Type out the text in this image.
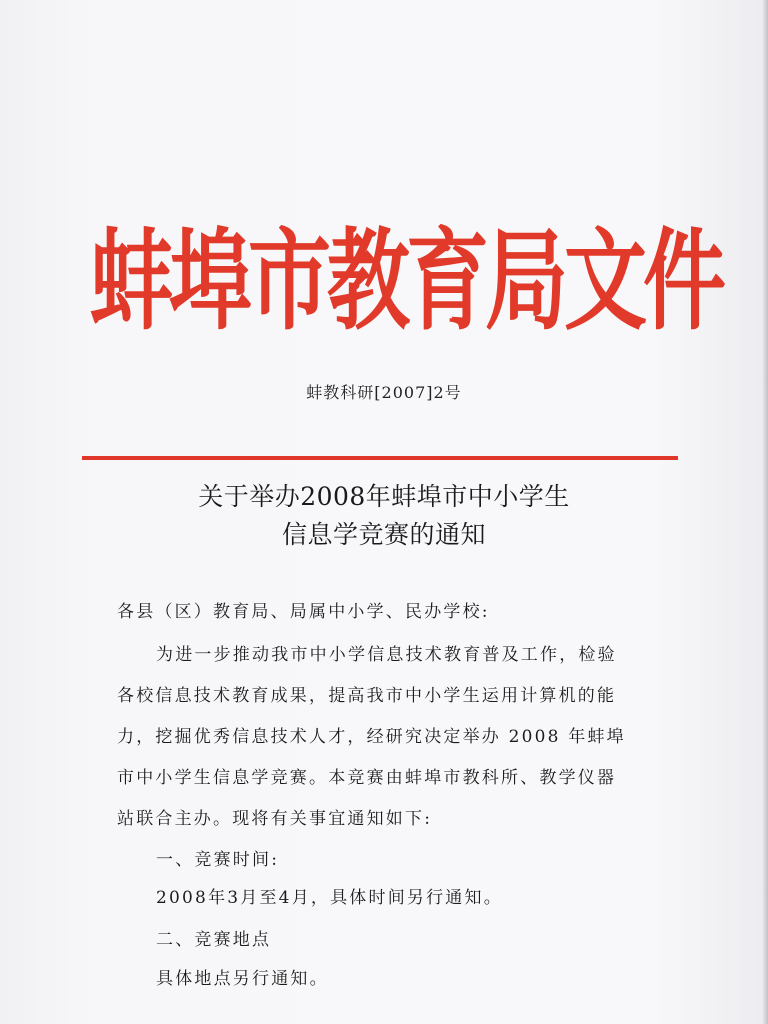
蚌埠市教育局文件
蚌教科研[2007]2号
关于举办2008年蚌埠市中小学生
信息学竞赛的通知
各县（区）教育局、局属中小学、民办学校:
为进一步推动我市中小学信息技术教育普及工作，检验
各校信息技术教育成果，提高我市中小学生运用计算机的能
力，挖掘优秀信息技术人才，经研究决定举办 2008 年蚌埠
市中小学生信息学竞赛。本竞赛由蚌埠市教科所、教学仪器
站联合主办。现将有关事宜通知如下:
一、竞赛时间:
2008年3月至4月，具体时间另行通知。
二、竞赛地点
具体地点另行通知。
